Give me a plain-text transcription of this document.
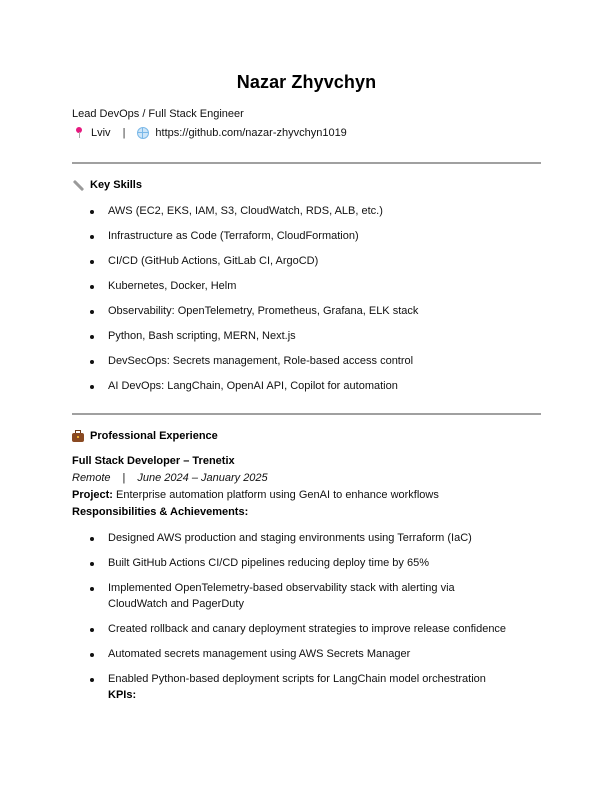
Nazar Zhyvchyn
Lead DevOps / Full Stack Engineer
Lviv |	https://github.com/nazar-zhyvchyn1019
Key Skills
AWS (EC2, EKS, IAM, S3, CloudWatch, RDS, ALB, etc.)
Infrastructure as Code (Terraform, CloudFormation)
CI/CD (GitHub Actions, GitLab CI, ArgoCD)
Kubernetes, Docker, Helm
Observability: OpenTelemetry, Prometheus, Grafana, ELK stack
Python, Bash scripting, MERN, Next.js
DevSecOps: Secrets management, Role-based access control
AI DevOps: LangChain, OpenAI API, Copilot for automation
Professional Experience
Full Stack Developer – Trenetix
Remote | June 2024 – January 2025
Project: Enterprise automation platform using GenAI to enhance workflows
Responsibilities & Achievements:
Designed AWS production and staging environments using Terraform (IaC)
Built GitHub Actions CI/CD pipelines reducing deploy time by 65%
Implemented OpenTelemetry-based observability stack with alerting via CloudWatch and PagerDuty
Created rollback and canary deployment strategies to improve release confidence
Automated secrets management using AWS Secrets Manager
Enabled Python-based deployment scripts for LangChain model orchestration
KPIs:
